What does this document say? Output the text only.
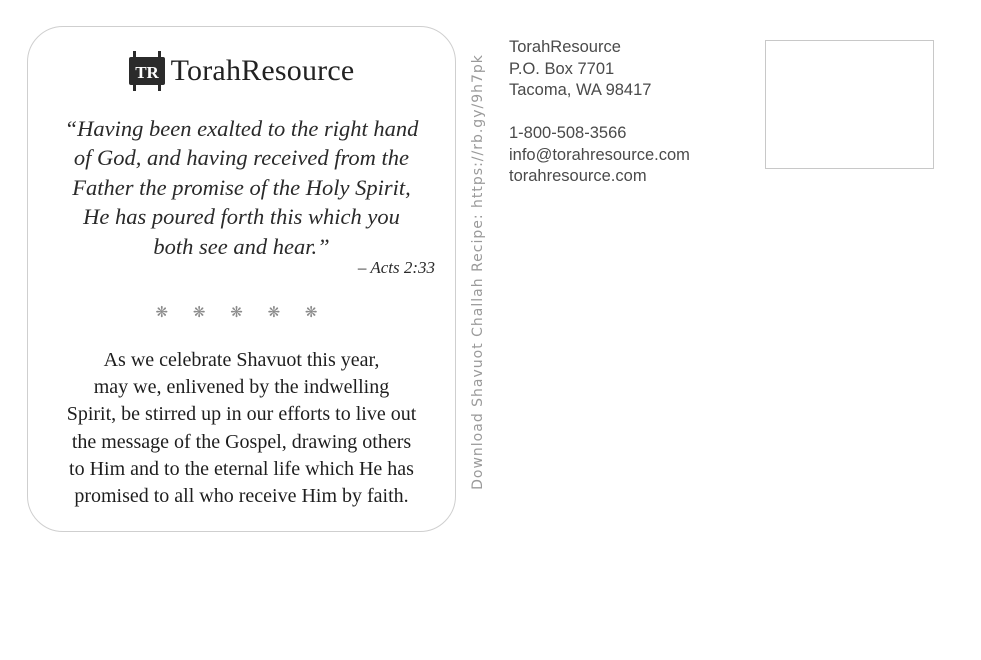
TR TorahResource
“Having been exalted to the right hand
of God, and having received from the
Father the promise of the Holy Spirit,
He has poured forth this which you
both see and hear.”
– Acts 2:33
❋ ❋ ❋ ❋ ❋
As we celebrate Shavuot this year,
may we, enlivened by the indwelling
Spirit, be stirred up in our efforts to live out
the message of the Gospel, drawing others
to Him and to the eternal life which He has
promised to all who receive Him by faith.
Download Shavuot Challah Recipe: https://rb.gy/9h7pk
TorahResource
P.O. Box 7701
Tacoma, WA 98417
1-800-508-3566
info@torahresource.com
torahresource.com
